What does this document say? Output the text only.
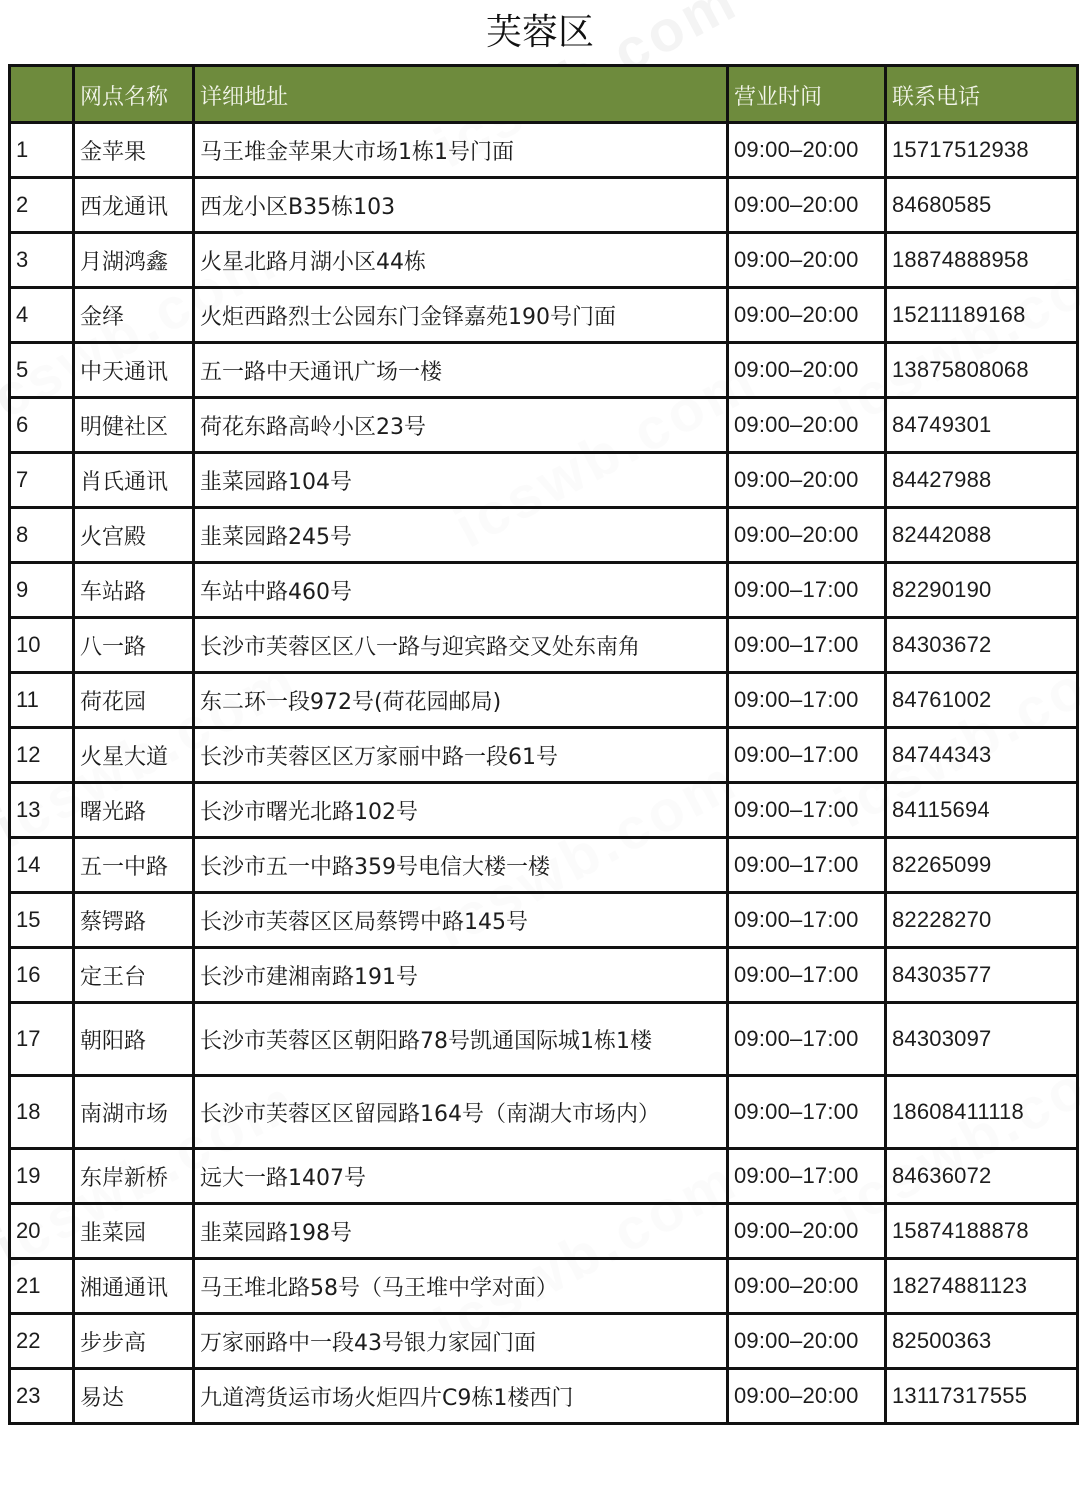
芙蓉区
	网点名称	详细地址	营业时间	联系电话
1	金苹果	马王堆金苹果大市场1栋1号门面	09:00–20:00	15717512938
2	西龙通讯	西龙小区B35栋103	09:00–20:00	84680585
3	月湖鸿鑫	火星北路月湖小区44栋	09:00–20:00	18874888958
4	金绎	火炬西路烈士公园东门金铎嘉苑190号门面	09:00–20:00	15211189168
5	中天通讯	五一路中天通讯广场一楼	09:00–20:00	13875808068
6	明健社区	荷花东路高岭小区23号	09:00–20:00	84749301
7	肖氏通讯	韭菜园路104号	09:00–20:00	84427988
8	火宫殿	韭菜园路245号	09:00–20:00	82442088
9	车站路	车站中路460号	09:00–17:00	82290190
10	八一路	长沙市芙蓉区区八一路与迎宾路交叉处东南角	09:00–17:00	84303672
11	荷花园	东二环一段972号(荷花园邮局)	09:00–17:00	84761002
12	火星大道	长沙市芙蓉区区万家丽中路一段61号	09:00–17:00	84744343
13	曙光路	长沙市曙光北路102号	09:00–17:00	84115694
14	五一中路	长沙市五一中路359号电信大楼一楼	09:00–17:00	82265099
15	蔡锷路	长沙市芙蓉区区局蔡锷中路145号	09:00–17:00	82228270
16	定王台	长沙市建湘南路191号	09:00–17:00	84303577
17	朝阳路	长沙市芙蓉区区朝阳路78号凯通国际城1栋1楼	09:00–17:00	84303097
18	南湖市场	长沙市芙蓉区区留园路164号（南湖大市场内）	09:00–17:00	18608411118
19	东岸新桥	远大一路1407号	09:00–17:00	84636072
20	韭菜园	韭菜园路198号	09:00–20:00	15874188878
21	湘通通讯	马王堆北路58号（马王堆中学对面）	09:00–20:00	18274881123
22	步步高	万家丽路中一段43号银力家园门面	09:00–20:00	82500363
23	易达	九道湾货运市场火炬四片C9栋1楼西门	09:00–20:00	13117317555
